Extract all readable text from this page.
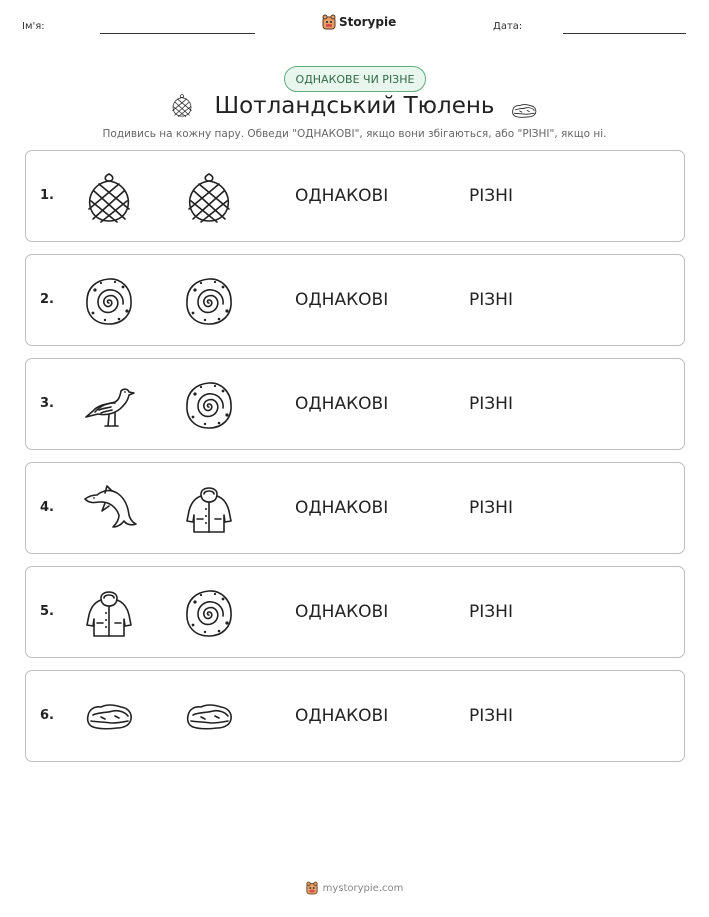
Ім'я:	Storypie	Дата:
ОДНАКОВЕ ЧИ РІЗНЕ
Шотландський Тюлень
Подивись на кожну пару. Обведи "ОДНАКОВІ", якщо вони збігаються, або "РІЗНІ", якщо ні.
1.	ОДНАКОВІ	РІЗНІ
2.	ОДНАКОВІ	РІЗНІ
3.	ОДНАКОВІ	РІЗНІ
4.	ОДНАКОВІ	РІЗНІ
5.	ОДНАКОВІ	РІЗНІ
6.	ОДНАКОВІ	РІЗНІ
mystorypie.com
